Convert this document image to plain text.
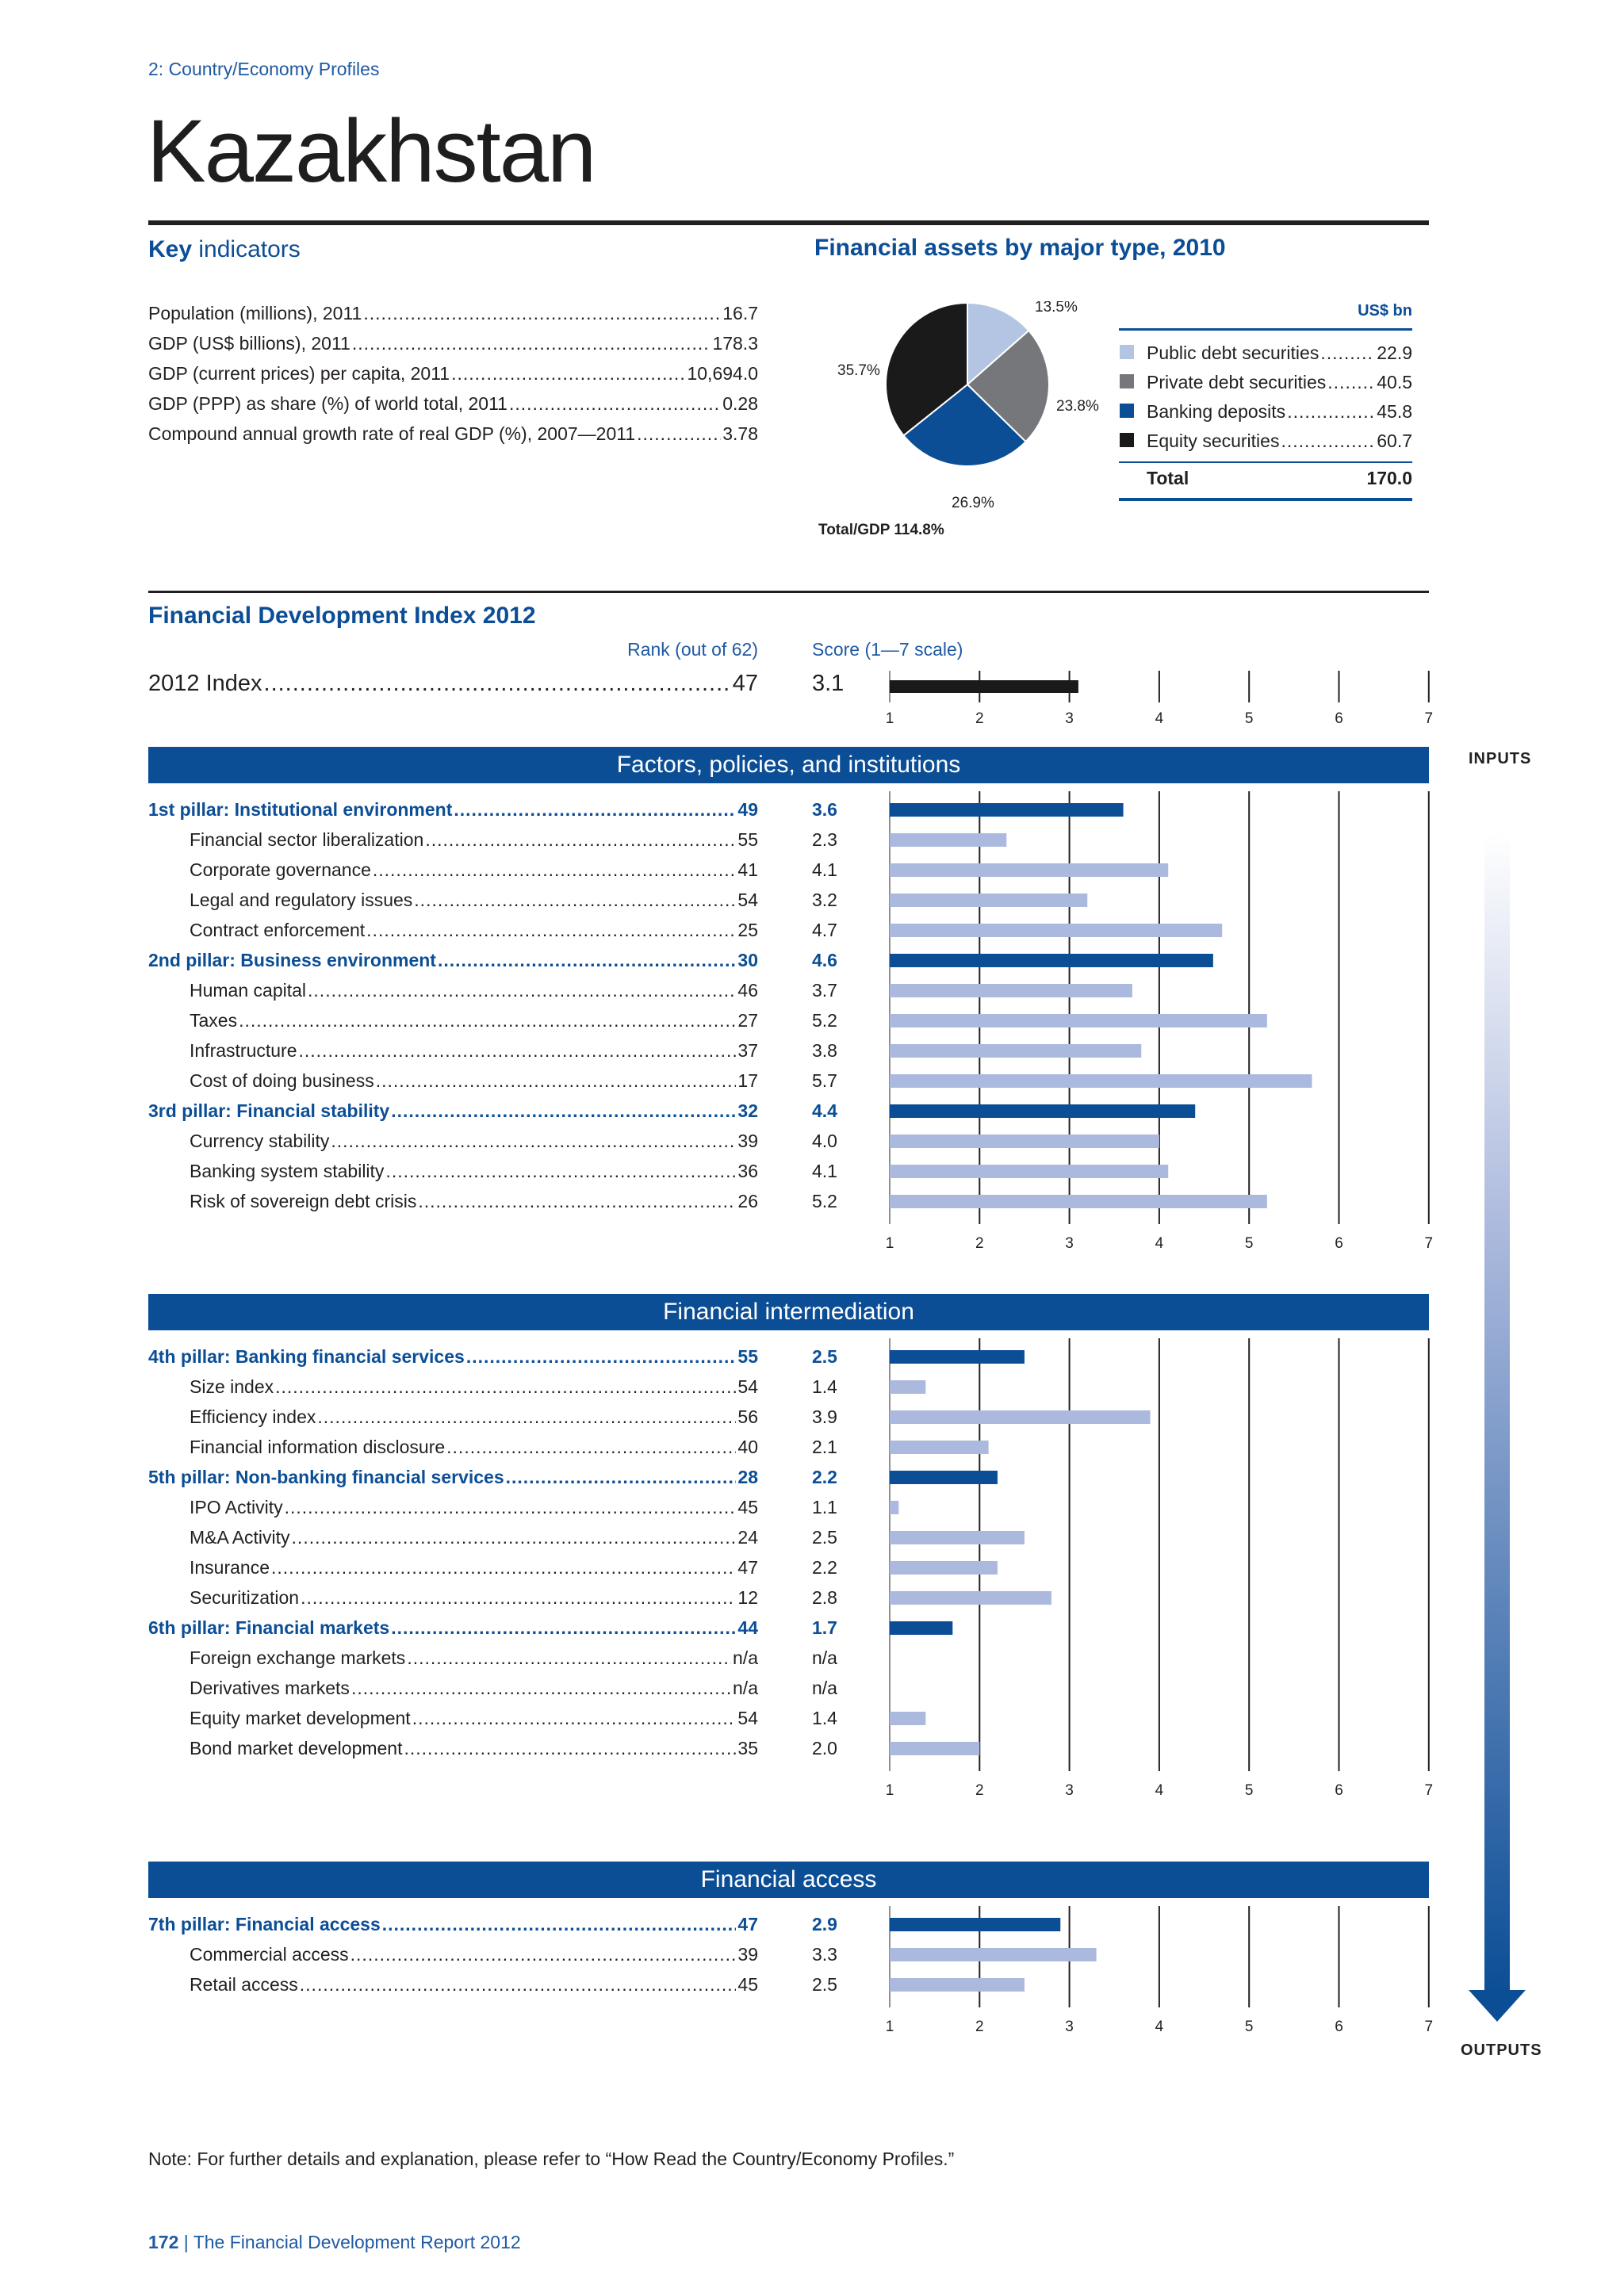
2: Country/Economy Profiles
Kazakhstan
Key indicators
Population (millions), 2011 .....	16.7
GDP (US$ billions), 2011 .....	178.3
GDP (current prices) per capita, 2011 .....	10,694.0
GDP (PPP) as share (%) of world total, 2011 .....	0.28
Compound annual growth rate of real GDP (%), 2007—2011 .....	3.78
Financial assets by major type, 2010
13.5%
23.8%
26.9%
35.7%
Total/GDP 114.8%
US$ bn
Public debt securities .....	22.9
Private debt securities .....	40.5
Banking deposits .....	45.8
Equity securities .....	60.7
Total	170.0
Financial Development Index 2012
Rank (out of 62)	Score (1—7 scale)
2012 Index .....	47 3.1
1	2	3	4	5	6	7
1	2	3	4	5	6	7
1	2	3	4	5	6	7
1	2	3	4	5	6	7
1st pillar: Institutional environment .....	49	3.6
Financial sector liberalization .....	55	2.3
Corporate governance .....	41	4.1
Legal and regulatory issues .....	54	3.2
Contract enforcement .....	25	4.7
2nd pillar: Business environment .....	30	4.6
Human capital .....	46	3.7
Taxes .....	27	5.2
Infrastructure .....	37	3.8
Cost of doing business .....	17	5.7
3rd pillar: Financial stability .....	32	4.4
Currency stability .....	39	4.0
Banking system stability .....	36	4.1
Risk of sovereign debt crisis .....	26	5.2
4th pillar: Banking financial services .....	55	2.5
Size index .....	54	1.4
Efficiency index .....	56	3.9
Financial information disclosure .....	40	2.1
5th pillar: Non-banking financial services .....	28	2.2
IPO Activity .....	45	1.1
M&A Activity .....	24	2.5
Insurance .....	47	2.2
Securitization .....	12	2.8
6th pillar: Financial markets .....	44	1.7
Foreign exchange markets .....	n/a	n/a
Derivatives markets .....	n/a	n/a
Equity market development .....	54	1.4
Bond market development .....	35	2.0
7th pillar: Financial access .....	47	2.9
Commercial access .....	39	3.3
Retail access .....	45	2.5
Factors, policies, and institutions
Financial intermediation
Financial access
INPUTS
OUTPUTS
Note: For further details and explanation, please refer to “How Read the Country/Economy Profiles.”
172 | The Financial Development Report 2012
